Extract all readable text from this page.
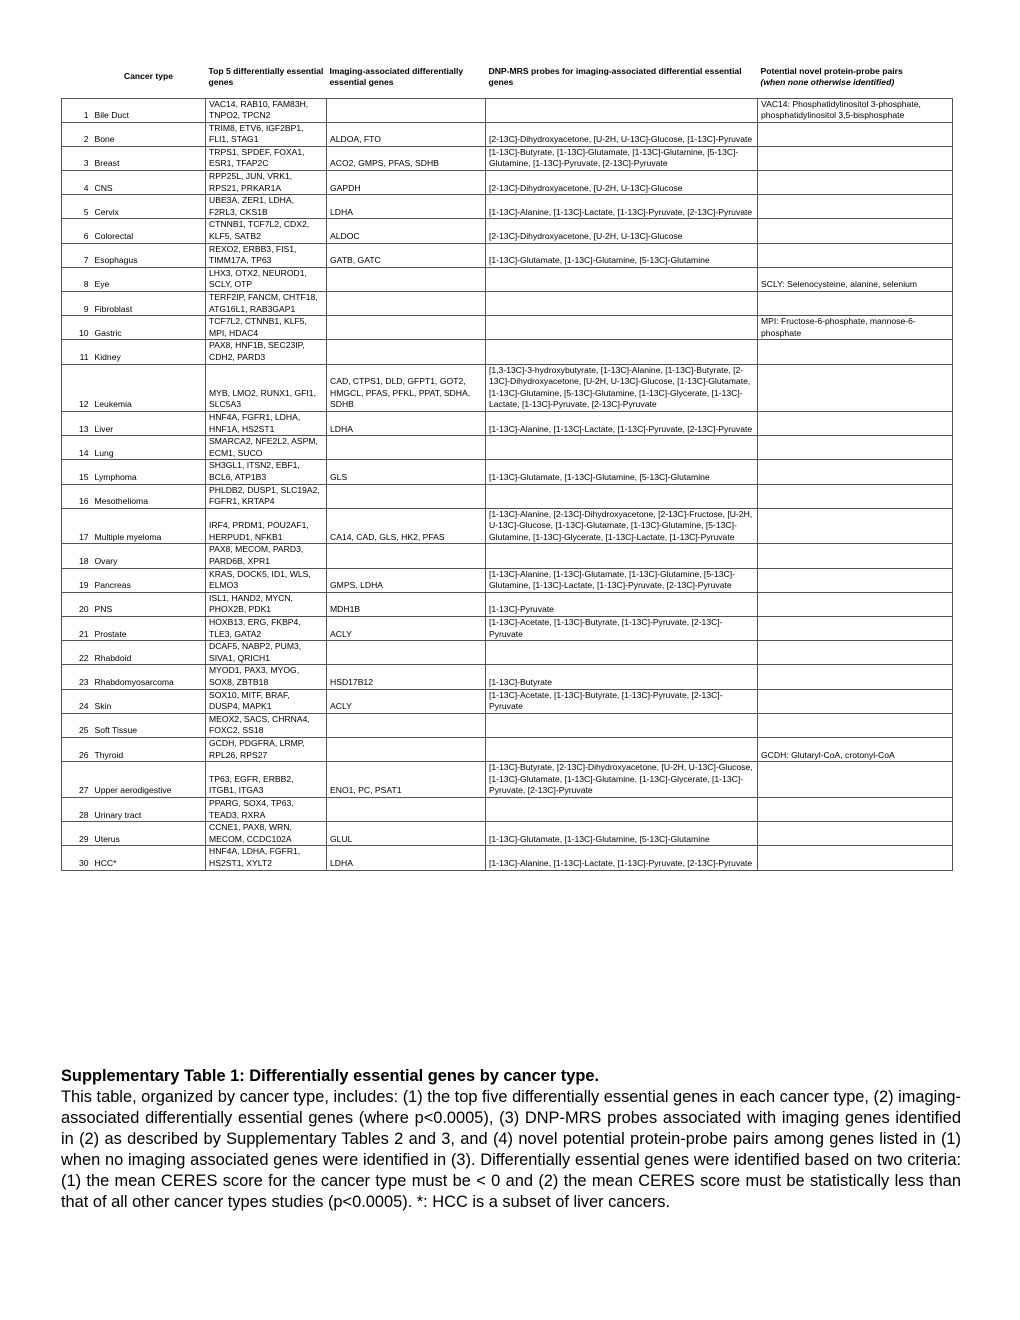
	Cancer type	Top 5 differentially essential genes	Imaging-associated differentially essential genes	DNP-MRS probes for imaging-associated differential essential genes	Potential novel protein-probe pairs
(when none otherwise identified)
1	Bile Duct	VAC14, RAB10, FAM83H, TNPO2, TPCN2			VAC14: Phosphatidylinositol 3-phosphate, phosphatidylinositol 3,5-bisphosphate
2	Bone	TRIM8, ETV6, IGF2BP1, FLI1, STAG1	ALDOA, FTO	[2-13C]-Dihydroxyacetone, [U-2H, U-13C]-Glucose, [1-13C]-Pyruvate	
3	Breast	TRPS1, SPDEF, FOXA1, ESR1, TFAP2C	ACO2, GMPS, PFAS, SDHB	[1-13C]-Butyrate, [1-13C]-Glutamate, [1-13C]-Glutamine, [5-13C]-Glutamine, [1-13C]-Pyruvate, [2-13C]-Pyruvate	
4	CNS	RPP25L, JUN, VRK1, RPS21, PRKAR1A	GAPDH	[2-13C]-Dihydroxyacetone, [U-2H, U-13C]-Glucose	
5	Cervix	UBE3A, ZER1, LDHA, F2RL3, CKS1B	LDHA	[1-13C]-Alanine, [1-13C]-Lactate, [1-13C]-Pyruvate, [2-13C]-Pyruvate	
6	Colorectal	CTNNB1, TCF7L2, CDX2, KLF5, SATB2	ALDOC	[2-13C]-Dihydroxyacetone, [U-2H, U-13C]-Glucose	
7	Esophagus	REXO2, ERBB3, FIS1, TIMM17A, TP63	GATB, GATC	[1-13C]-Glutamate, [1-13C]-Glutamine, [5-13C]-Glutamine	
8	Eye	LHX3, OTX2, NEUROD1, SCLY, OTP			SCLY: Selenocysteine, alanine, selenium
9	Fibroblast	TERF2IP, FANCM, CHTF18, ATG16L1, RAB3GAP1			
10	Gastric	TCF7L2, CTNNB1, KLF5, MPI, HDAC4			MPI: Fructose-6-phosphate, mannose-6-phosphate
11	Kidney	PAX8, HNF1B, SEC23IP, CDH2, PARD3			
12	Leukemia	MYB, LMO2, RUNX1, GFI1, SLC5A3	CAD, CTPS1, DLD, GFPT1, GOT2, HMGCL, PFAS, PFKL, PPAT, SDHA, SDHB	[1,3-13C]-3-hydroxybutyrate, [1-13C]-Alanine, [1-13C]-Butyrate, [2-13C]-Dihydroxyacetone, [U-2H, U-13C]-Glucose, [1-13C]-Glutamate, [1-13C]-Glutamine, [5-13C]-Glutamine, [1-13C]-Glycerate, [1-13C]-Lactate, [1-13C]-Pyruvate, [2-13C]-Pyruvate	
13	Liver	HNF4A, FGFR1, LDHA, HNF1A, HS2ST1	LDHA	[1-13C]-Alanine, [1-13C]-Lactate, [1-13C]-Pyruvate, [2-13C]-Pyruvate	
14	Lung	SMARCA2, NFE2L2, ASPM, ECM1, SUCO			
15	Lymphoma	SH3GL1, ITSN2, EBF1, BCL6, ATP1B3	GLS	[1-13C]-Glutamate, [1-13C]-Glutamine, [5-13C]-Glutamine	
16	Mesothelioma	PHLDB2, DUSP1, SLC19A2, FGFR1, KRTAP4			
17	Multiple myeloma	IRF4, PRDM1, POU2AF1, HERPUD1, NFKB1	CA14, CAD, GLS, HK2, PFAS	[1-13C]-Alanine, [2-13C]-Dihydroxyacetone, [2-13C]-Fructose, [U-2H, U-13C]-Glucose, [1-13C]-Glutamate, [1-13C]-Glutamine, [5-13C]-Glutamine, [1-13C]-Glycerate, [1-13C]-Lactate, [1-13C]-Pyruvate	
18	Ovary	PAX8, MECOM, PARD3, PARD6B, XPR1			
19	Pancreas	KRAS, DOCK5, ID1, WLS, ELMO3	GMPS, LDHA	[1-13C]-Alanine, [1-13C]-Glutamate, [1-13C]-Glutamine, [5-13C]-Glutamine, [1-13C]-Lactate, [1-13C]-Pyruvate, [2-13C]-Pyruvate	
20	PNS	ISL1, HAND2, MYCN, PHOX2B, PDK1	MDH1B	[1-13C]-Pyruvate	
21	Prostate	HOXB13, ERG, FKBP4, TLE3, GATA2	ACLY	[1-13C]-Acetate, [1-13C]-Butyrate, [1-13C]-Pyruvate, [2-13C]-Pyruvate	
22	Rhabdoid	DCAF5, NABP2, PUM3, SIVA1, QRICH1			
23	Rhabdomyosarcoma	MYOD1, PAX3, MYOG, SOX8, ZBTB18	HSD17B12	[1-13C]-Butyrate	
24	Skin	SOX10, MITF, BRAF, DUSP4, MAPK1	ACLY	[1-13C]-Acetate, [1-13C]-Butyrate, [1-13C]-Pyruvate, [2-13C]-Pyruvate	
25	Soft Tissue	MEOX2, SACS, CHRNA4, FOXC2, SS18			
26	Thyroid	GCDH, PDGFRA, LRMP, RPL26, RPS27			GCDH: Glutaryl-CoA, crotonyl-CoA
27	Upper aerodigestive	TP63, EGFR, ERBB2, ITGB1, ITGA3	ENO1, PC, PSAT1	[1-13C]-Butyrate, [2-13C]-Dihydroxyacetone, [U-2H, U-13C]-Glucose, [1-13C]-Glutamate, [1-13C]-Glutamine, [1-13C]-Glycerate, [1-13C]-Pyruvate, [2-13C]-Pyruvate	
28	Urinary tract	PPARG, SOX4, TP63, TEAD3, RXRA			
29	Uterus	CCNE1, PAX8, WRN, MECOM, CCDC102A	GLUL	[1-13C]-Glutamate, [1-13C]-Glutamine, [5-13C]-Glutamine	
30	HCC*	HNF4A, LDHA, FGFR1, HS2ST1, XYLT2	LDHA	[1-13C]-Alanine, [1-13C]-Lactate, [1-13C]-Pyruvate, [2-13C]-Pyruvate	
Supplementary Table 1: Differentially essential genes by cancer type.
This table, organized by cancer type, includes: (1) the top five differentially essential genes in each cancer type, (2) imaging-associated differentially essential genes (where p<0.0005), (3) DNP-MRS probes associated with imaging genes identified in (2) as described by Supplementary Tables 2 and 3, and (4) novel potential protein-probe pairs among genes listed in (1) when no imaging associated genes were identified in (3). Differentially essential genes were identified based on two criteria: (1) the mean CERES score for the cancer type must be < 0 and (2) the mean CERES score must be statistically less than that of all other cancer types studies (p<0.0005). *: HCC is a subset of liver cancers.
